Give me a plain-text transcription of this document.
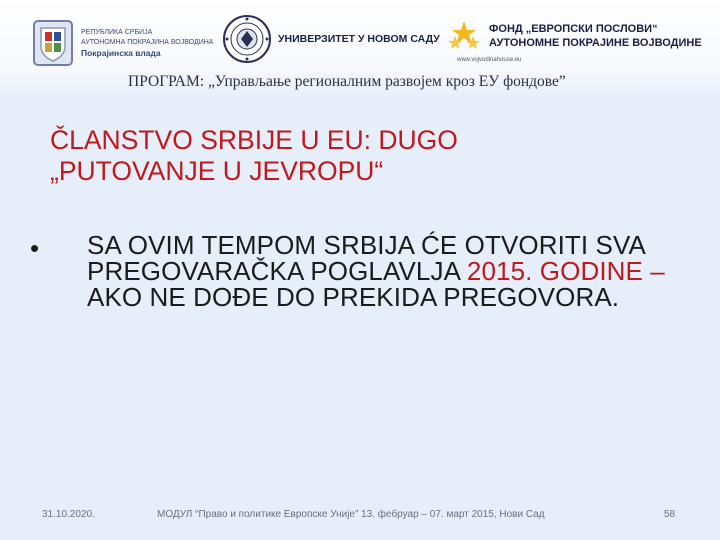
РЕПУБЛИКА СРБИЈА
АУТОНОМНА ПОКРАЈИНА ВОЈВОДИНА
Покрајинска влада
УНИВЕРЗИТЕТ У НОВОМ САДУ
ФОНД „ЕВРОПСКИ ПОСЛОВИ“
АУТОНОМНЕ ПОКРАЈИНЕ ВОЈВОДИНЕ
www.vojvodinahouse.eu
ПРОГРАМ: „Управљање регионалним развојем кроз ЕУ фондове”
ČLANSTVO SRBIJE U EU: DUGO
„PUTOVANJE U JEVROPU“
• SA OVIM TEMPOM SRBIJA ĆE OTVORITI SVA PREGOVARAČKA POGLAVLJA 2015. GODINE – AKO NE DOĐE DO PREKIDA PREGOVORA.
31.10.2020.	МОДУЛ “Право и политике Европске Уније” 13. фебруар – 07. март 2015, Нови Сад	58
